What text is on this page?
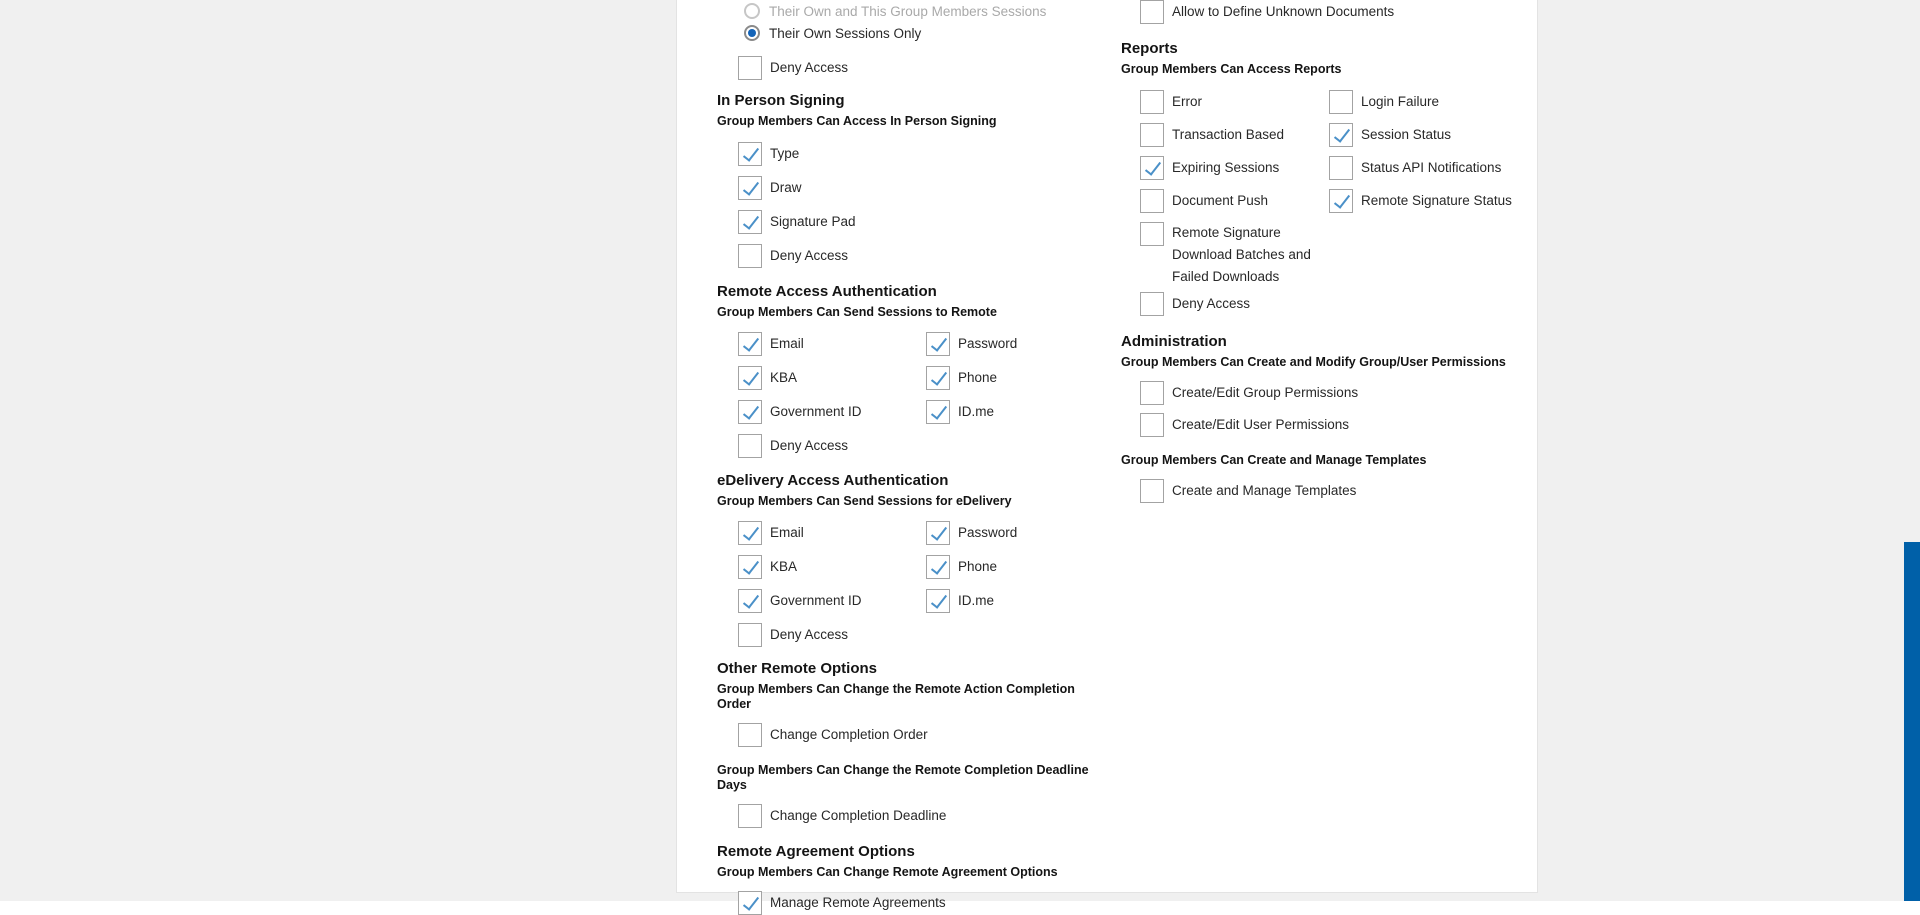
Their Own and This Group Members Sessions
Their Own Sessions Only
Deny Access
In Person Signing
Group Members Can Access In Person Signing
Type
Draw
Signature Pad
Deny Access
Remote Access Authentication
Group Members Can Send Sessions to Remote
Email	Password
KBA	Phone
Government ID	ID.me
Deny Access
eDelivery Access Authentication
Group Members Can Send Sessions for eDelivery
Email	Password
KBA	Phone
Government ID	ID.me
Deny Access
Other Remote Options
Group Members Can Change the Remote Action Completion Order
Change Completion Order
Group Members Can Change the Remote Completion Deadline Days
Change Completion Deadline
Remote Agreement Options
Group Members Can Change Remote Agreement Options
Manage Remote Agreements
Allow to Define Unknown Documents
Reports
Group Members Can Access Reports
Error	Login Failure
Transaction Based	Session Status
Expiring Sessions	Status API Notifications
Document Push	Remote Signature Status
Remote Signature Download Batches and Failed Downloads
Deny Access
Administration
Group Members Can Create and Modify Group/User Permissions
Create/Edit Group Permissions
Create/Edit User Permissions
Group Members Can Create and Manage Templates
Create and Manage Templates
